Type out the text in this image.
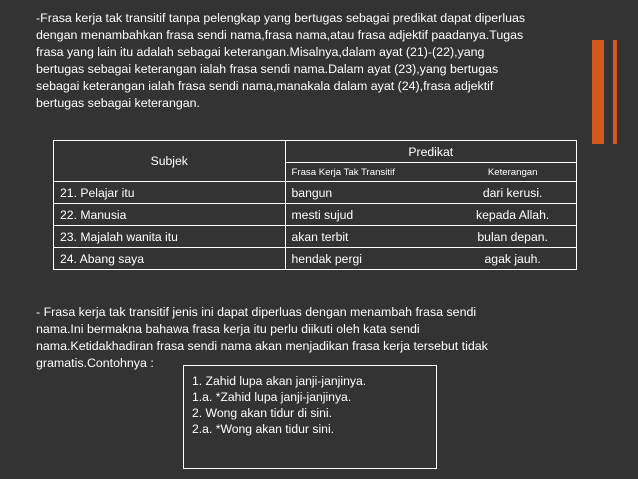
-Frasa kerja tak transitif tanpa pelengkap yang bertugas sebagai predikat dapat diperluas
dengan menambahkan frasa sendi nama,frasa nama,atau frasa adjektif paadanya.Tugas
frasa yang lain itu adalah sebagai keterangan.Misalnya,dalam ayat (21)-(22),yang
bertugas sebagai keterangan ialah frasa sendi nama.Dalam ayat (23),yang bertugas
sebagai keterangan ialah frasa sendi nama,manakala dalam ayat (24),frasa adjektif
bertugas sebagai keterangan.

Subjek	Predikat	
	Frasa Kerja Tak Transitif	Keterangan
21. Pelajar itu	bangun	dari kerusi.
22. Manusia	mesti sujud	kepada Allah.
23. Majalah wanita itu	akan terbit	bulan depan.
24. Abang saya	hendak pergi	agak jauh.

- Frasa kerja tak transitif jenis ini dapat diperluas dengan menambah frasa sendi
nama.Ini bermakna bahawa frasa kerja itu perlu diikuti oleh kata sendi
nama.Ketidakhadiran frasa sendi nama akan menjadikan frasa kerja tersebut tidak
gramatis.Contohnya :

1. Zahid lupa akan janji-janjinya.
1.a. *Zahid lupa janji-janjinya.
2. Wong akan tidur di sini.
2.a. *Wong akan tidur sini.
